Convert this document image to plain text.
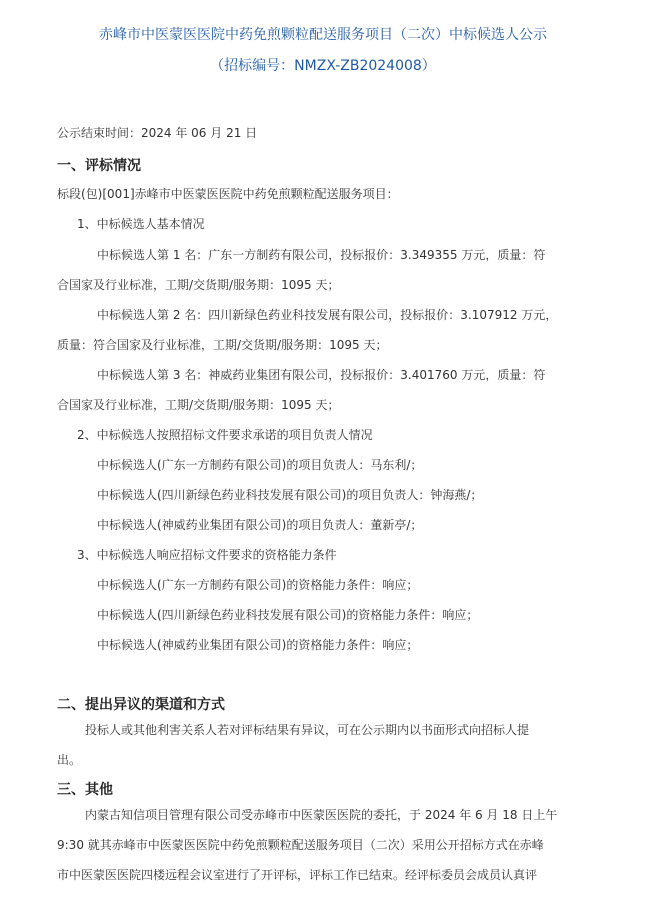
赤峰市中医蒙医医院中药免煎颗粒配送服务项目（二次）中标候选人公示
（招标编号：NMZX-ZB2024008）
公示结束时间：2024 年 06 月 21 日
一、评标情况
标段(包)[001]赤峰市中医蒙医医院中药免煎颗粒配送服务项目：
1、中标候选人基本情况
中标候选人第 1 名：广东一方制药有限公司，投标报价：3.349355 万元，质量：符
合国家及行业标准，工期/交货期/服务期：1095 天；
中标候选人第 2 名：四川新绿色药业科技发展有限公司，投标报价：3.107912 万元，
质量：符合国家及行业标准，工期/交货期/服务期：1095 天；
中标候选人第 3 名：神威药业集团有限公司，投标报价：3.401760 万元，质量：符
合国家及行业标准，工期/交货期/服务期：1095 天；
2、中标候选人按照招标文件要求承诺的项目负责人情况
中标候选人(广东一方制药有限公司)的项目负责人：马东利/；
中标候选人(四川新绿色药业科技发展有限公司)的项目负责人：钟海燕/；
中标候选人(神威药业集团有限公司)的项目负责人：董新亭/；
3、中标候选人响应招标文件要求的资格能力条件
中标候选人(广东一方制药有限公司)的资格能力条件：响应；
中标候选人(四川新绿色药业科技发展有限公司)的资格能力条件：响应；
中标候选人(神威药业集团有限公司)的资格能力条件：响应；
二、提出异议的渠道和方式
投标人或其他利害关系人若对评标结果有异议，可在公示期内以书面形式向招标人提
出。
三、其他
内蒙古知信项目管理有限公司受赤峰市中医蒙医医院的委托，于 2024 年 6 月 18 日上午
9:30 就其赤峰市中医蒙医医院中药免煎颗粒配送服务项目（二次）采用公开招标方式在赤峰
市中医蒙医医院四楼远程会议室进行了开评标，评标工作已结束。经评标委员会成员认真评
